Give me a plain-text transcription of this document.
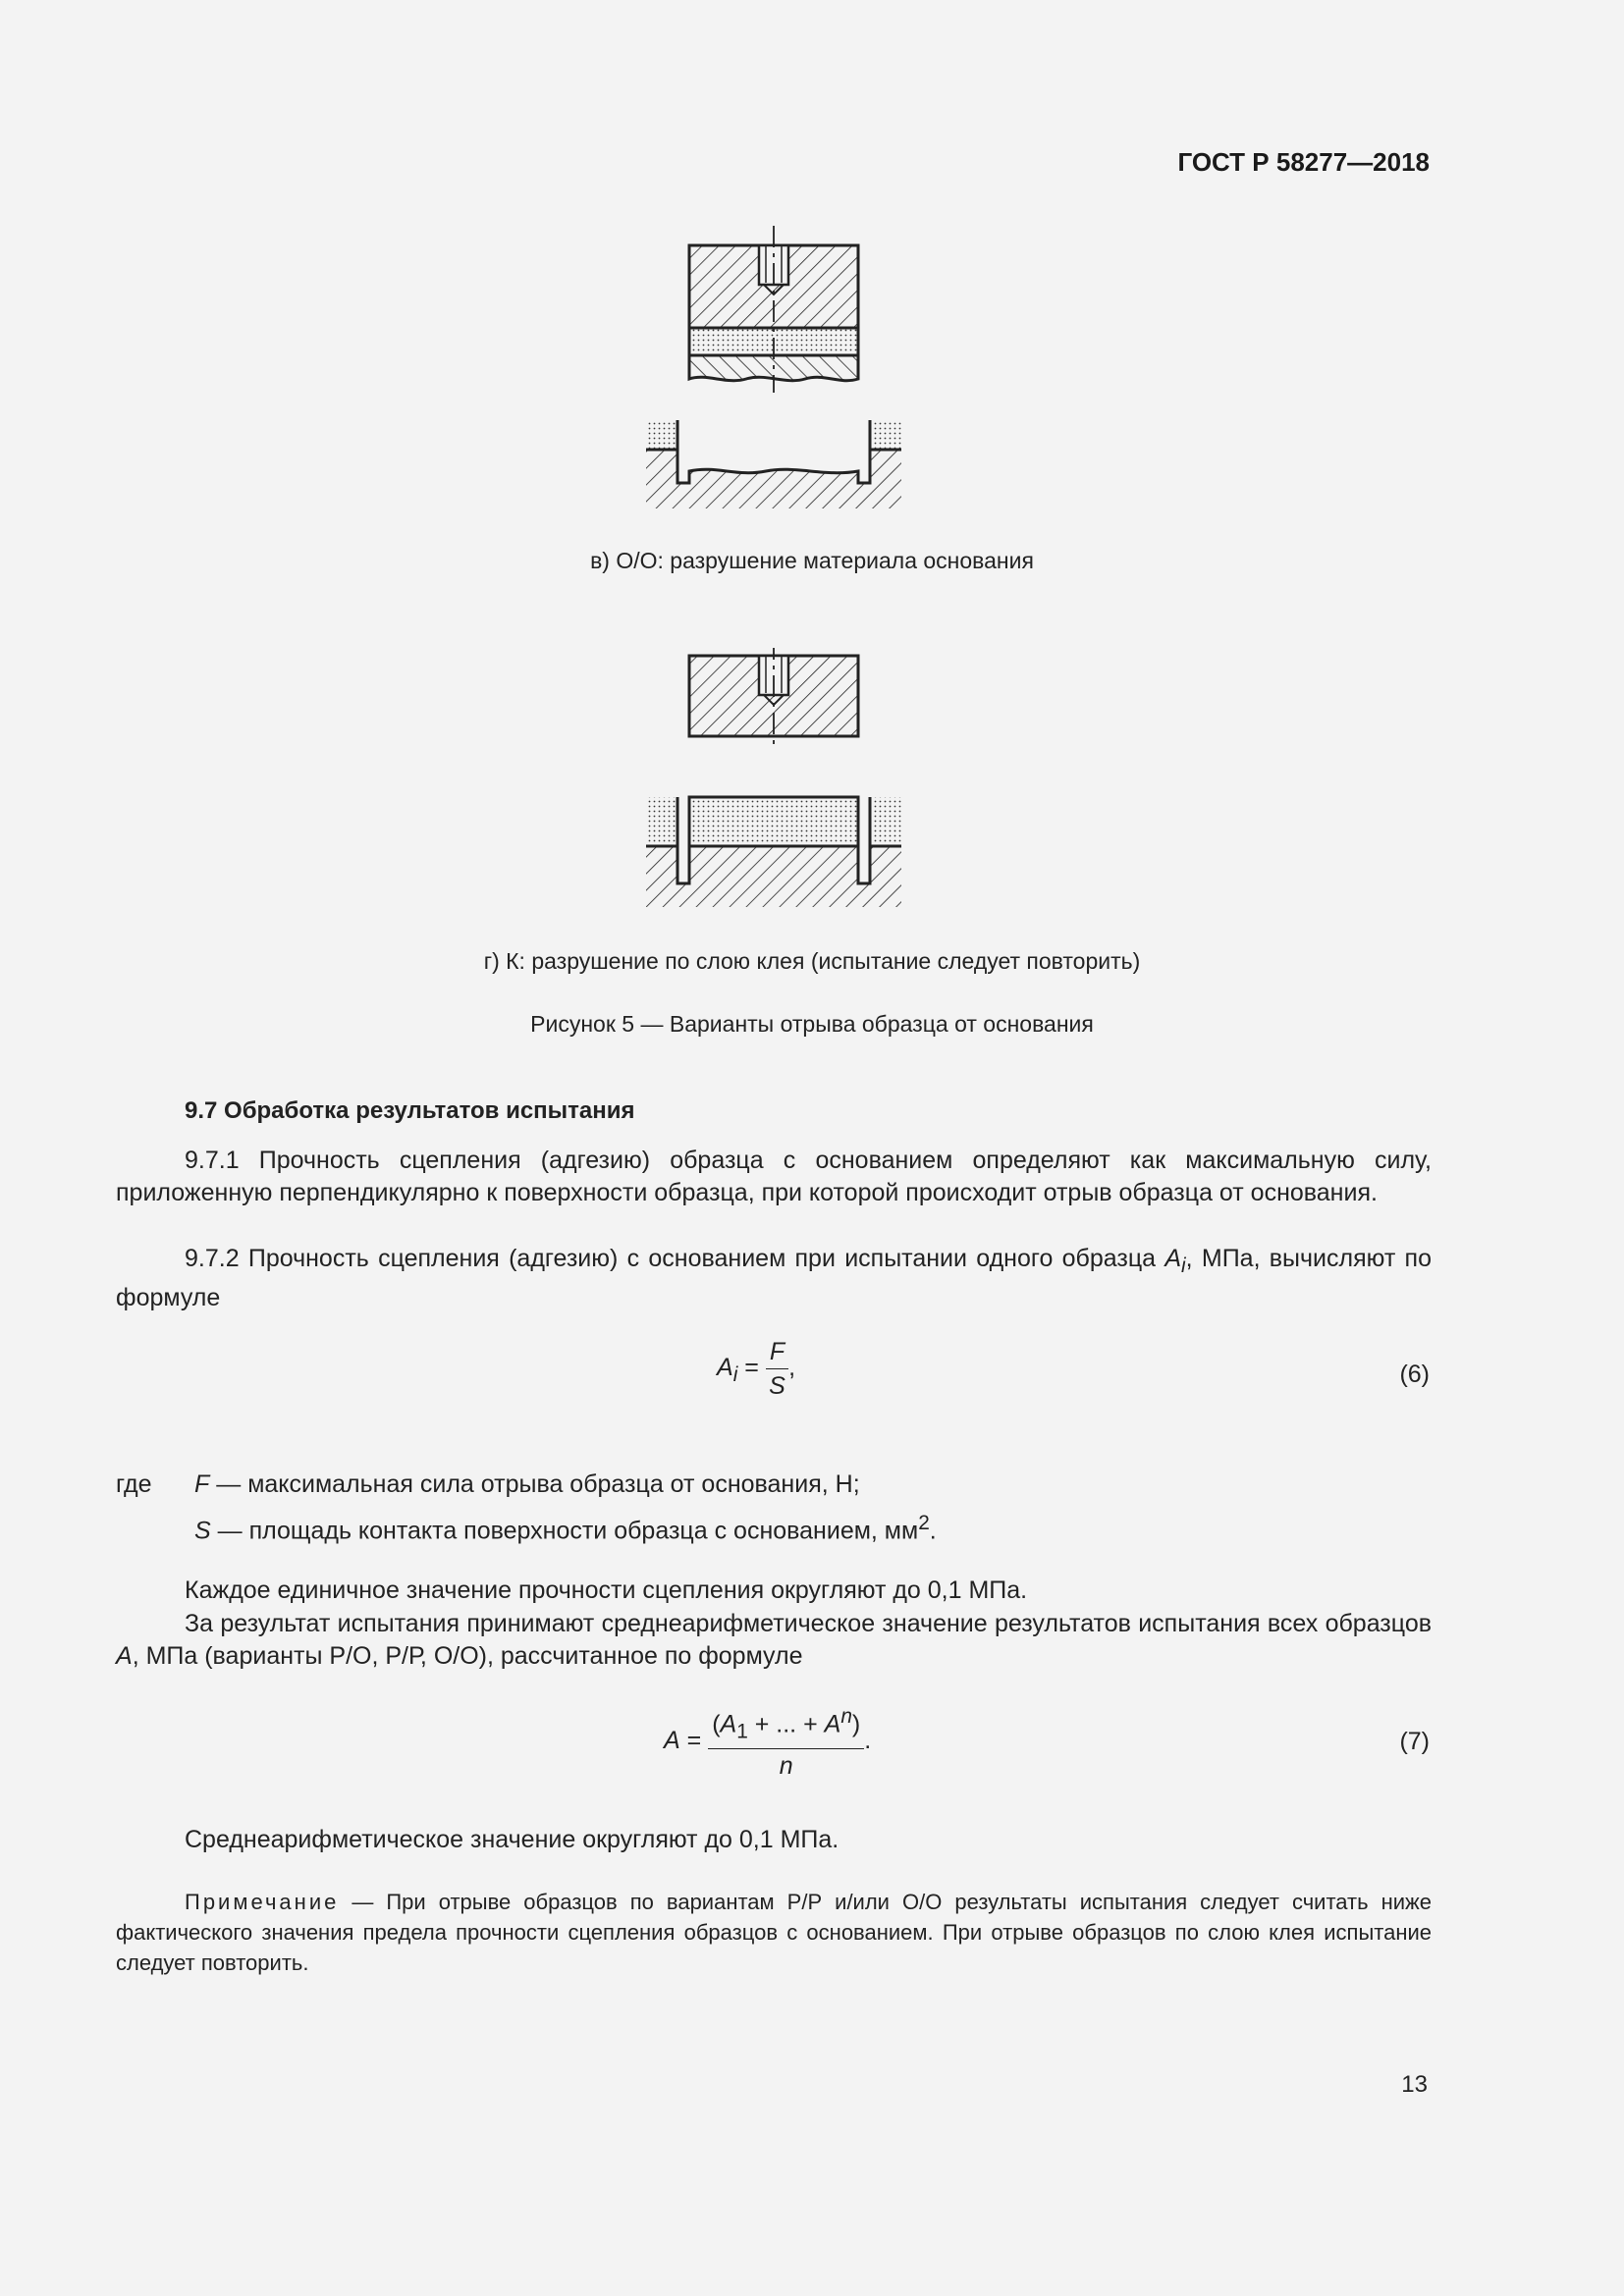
ГОСТ Р 58277—2018
в) О/О: разрушение материала основания
г) К: разрушение по слою клея (испытание следует повторить)
Рисунок 5 — Варианты отрыва образца от основания
9.7 Обработка результатов испытания
9.7.1 Прочность сцепления (адгезию) образца с основанием определяют как максимальную силу, приложенную перпендикулярно к поверхности образца, при которой происходит отрыв образца от основания.
9.7.2 Прочность сцепления (адгезию) с основанием при испытании одного образца $A_i$, МПа, вычисляют по формуле
$A_i = \frac{F}{S}$ ,	(6)
где F — максимальная сила отрыва образца от основания, Н;
S — площадь контакта поверхности образца с основанием, $мм^2$.
Каждое единичное значение прочности сцепления округляют до 0,1 МПа.
За результат испытания принимают среднеарифметическое значение результатов испытания всех образцов A, МПа (варианты Р/О, Р/Р, О/О), рассчитанное по формуле
$A = \frac{(A_1 + ... + A^n)}{n}$ .	(7)
Среднеарифметическое значение округляют до 0,1 МПа.
Примечание — При отрыве образцов по вариантам Р/Р и/или О/О результаты испытания следует считать ниже фактического значения предела прочности сцепления образцов с основанием. При отрыве образцов по слою клея испытание следует повторить.
13
